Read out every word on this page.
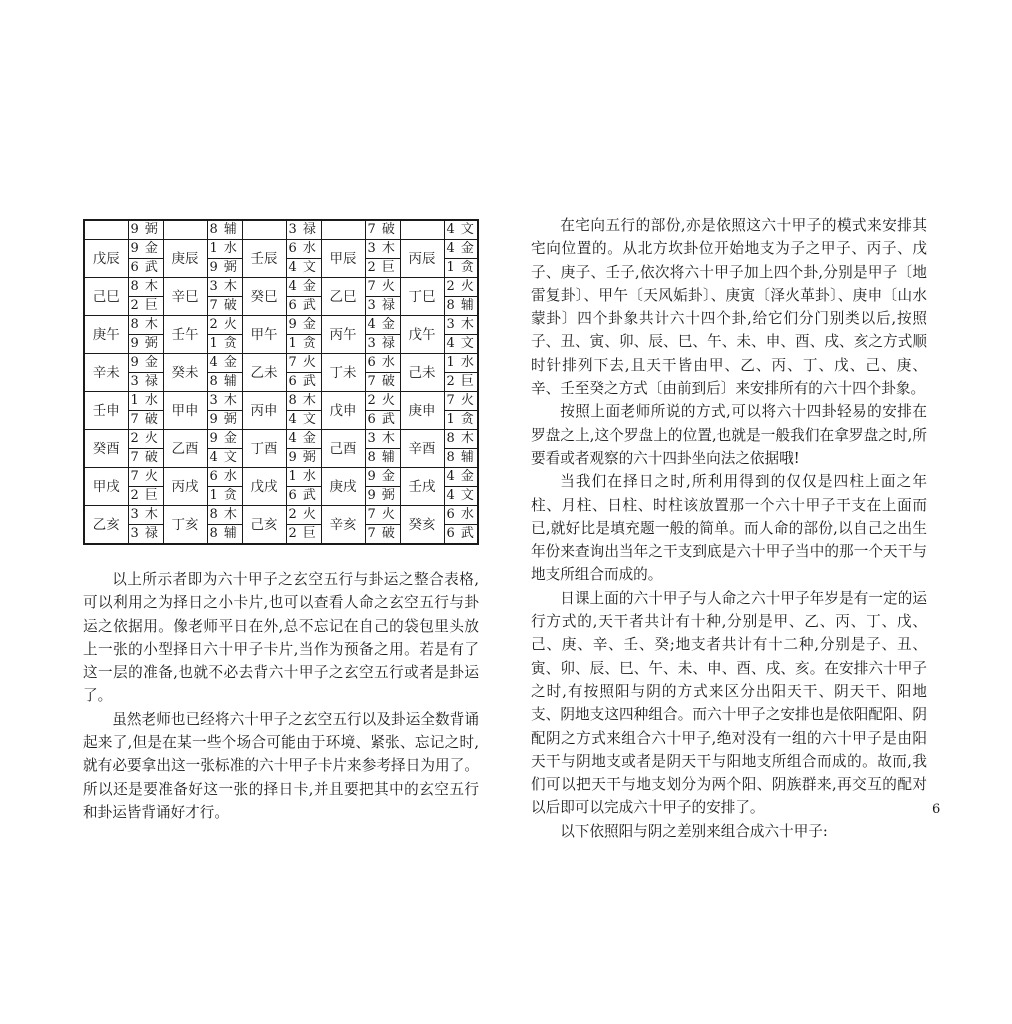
	9 弼		8 辅		3 禄		7 破		4 文
戊辰	9 金	庚辰	1 水	壬辰	6 水	甲辰	3 木	丙辰	4 金
	6 武		9 弼		4 文		2 巨		1 贪
己巳	8 木	辛巳	3 木	癸巳	4 金	乙巳	7 火	丁巳	2 火
	2 巨		7 破		6 武		3 禄		8 辅
庚午	8 木	壬午	2 火	甲午	9 金	丙午	4 金	戊午	3 木
	9 弼		1 贪		1 贪		3 禄		4 文
辛未	9 金	癸未	4 金	乙未	7 火	丁未	6 水	己未	1 水
	3 禄		8 辅		6 武		7 破		2 巨
壬申	1 水	甲申	3 木	丙申	8 木	戊申	2 火	庚申	7 火
	7 破		9 弼		4 文		6 武		1 贪
癸酉	2 火	乙酉	9 金	丁酉	4 金	己酉	3 木	辛酉	8 木
	7 破		4 文		9 弼		8 辅		8 辅
甲戌	7 火	丙戌	6 水	戊戌	1 水	庚戌	9 金	壬戌	4 金
	2 巨		1 贪		6 武		9 弼		4 文
乙亥	3 木	丁亥	8 木	己亥	2 火	辛亥	7 火	癸亥	6 水
	3 禄		8 辅		2 巨		7 破		6 武

以上所示者即为六十甲子之玄空五行与卦运之整合表格,可以利用之为择日之小卡片,也可以查看人命之玄空五行与卦运之依据用。像老师平日在外,总不忘记在自己的袋包里头放上一张的小型择日六十甲子卡片,当作为预备之用。若是有了这一层的准备,也就不必去背六十甲子之玄空五行或者是卦运了。

虽然老师也已经将六十甲子之玄空五行以及卦运全数背诵起来了,但是在某一些个场合可能由于环境、紧张、忘记之时,就有必要拿出这一张标准的六十甲子卡片来参考择日为用了。所以还是要准备好这一张的择日卡,并且要把其中的玄空五行和卦运皆背诵好才行。

在宅向五行的部份,亦是依照这六十甲子的模式来安排其宅向位置的。从北方坎卦位开始地支为子之甲子、丙子、戊子、庚子、壬子,依次将六十甲子加上四个卦,分别是甲子〔地雷复卦〕、甲午〔天风姤卦〕、庚寅〔泽火革卦〕、庚申〔山水蒙卦〕四个卦象共计六十四个卦,给它们分门别类以后,按照子、丑、寅、卯、辰、巳、午、未、申、酉、戌、亥之方式顺时针排列下去,且天干皆由甲、乙、丙、丁、戊、己、庚、辛、壬至癸之方式〔由前到后〕来安排所有的六十四个卦象。

按照上面老师所说的方式,可以将六十四卦轻易的安排在罗盘之上,这个罗盘上的位置,也就是一般我们在拿罗盘之时,所要看或者观察的六十四卦坐向法之依据哦!

当我们在择日之时,所利用得到的仅仅是四柱上面之年柱、月柱、日柱、时柱该放置那一个六十甲子干支在上面而已,就好比是填充题一般的简单。而人命的部份,以自己之出生年份来查询出当年之干支到底是六十甲子当中的那一个天干与地支所组合而成的。

日课上面的六十甲子与人命之六十甲子年岁是有一定的运行方式的,天干者共计有十种,分别是甲、乙、丙、丁、戊、己、庚、辛、壬、癸;地支者共计有十二种,分别是子、丑、寅、卯、辰、巳、午、未、申、酉、戌、亥。在安排六十甲子之时,有按照阳与阴的方式来区分出阳天干、阴天干、阳地支、阴地支这四种组合。而六十甲子之安排也是依阳配阳、阴配阴之方式来组合六十甲子,绝对没有一组的六十甲子是由阳天干与阴地支或者是阴天干与阳地支所组合而成的。故而,我们可以把天干与地支划分为两个阳、阴族群来,再交互的配对以后即可以完成六十甲子的安排了。

以下依照阳与阴之差别来组合成六十甲子:

6
